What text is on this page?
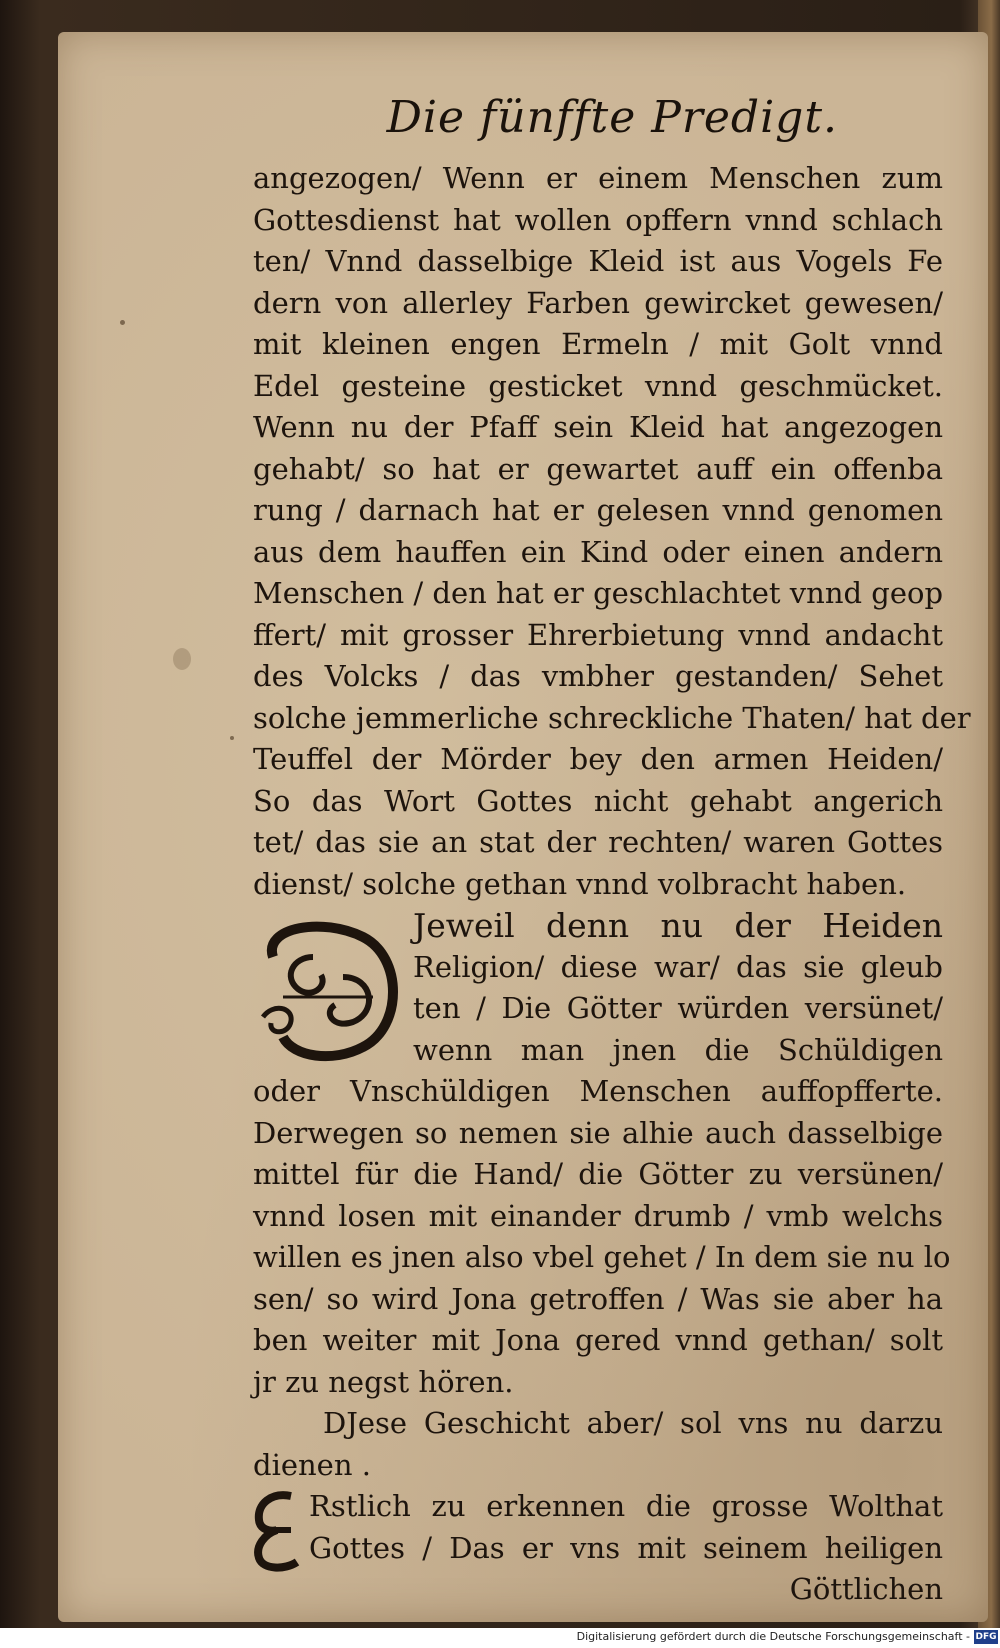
Die fünffte Predigt.
angezogen/ Wenn er einem Menschen zum
Gottesdienst hat wollen opffern vnnd schlach
ten/ Vnnd dasselbige Kleid ist aus Vogels Fe
dern von allerley Farben gewircket gewesen/
mit kleinen engen Ermeln / mit Golt vnnd
Edel gesteine gesticket vnnd geschmücket.
Wenn nu der Pfaff sein Kleid hat angezogen
gehabt/ so hat er gewartet auff ein offenba
rung / darnach hat er gelesen vnnd genomen
aus dem hauffen ein Kind oder einen andern
Menschen / den hat er geschlachtet vnnd geop
ffert/ mit grosser Ehrerbietung vnnd andacht
des Volcks / das vmbher gestanden/ Sehet
solche jemmerliche schreckliche Thaten/ hat der
Teuffel der Mörder bey den armen Heiden/
So das Wort Gottes nicht gehabt angerich
tet/ das sie an stat der rechten/ waren Gottes
dienst/ solche gethan vnnd volbracht haben.
Jeweil denn nu der Heiden
Religion/ diese war/ das sie gleub
ten / Die Götter würden versünet/
wenn man jnen die Schüldigen
oder Vnschüldigen Menschen auffopfferte.
Derwegen so nemen sie alhie auch dasselbige
mittel für die Hand/ die Götter zu versünen/
vnnd losen mit einander drumb / vmb welchs
willen es jnen also vbel gehet / In dem sie nu lo
sen/ so wird Jona getroffen / Was sie aber ha
ben weiter mit Jona gered vnnd gethan/ solt
jr zu negst hören.
DJese Geschicht aber/ sol vns nu darzu
dienen .
Rstlich zu erkennen die grosse Wolthat
Gottes / Das er vns mit seinem heiligen
Göttlichen
Digitalisierung gefördert durch die Deutsche Forschungsgemeinschaft - DFG
